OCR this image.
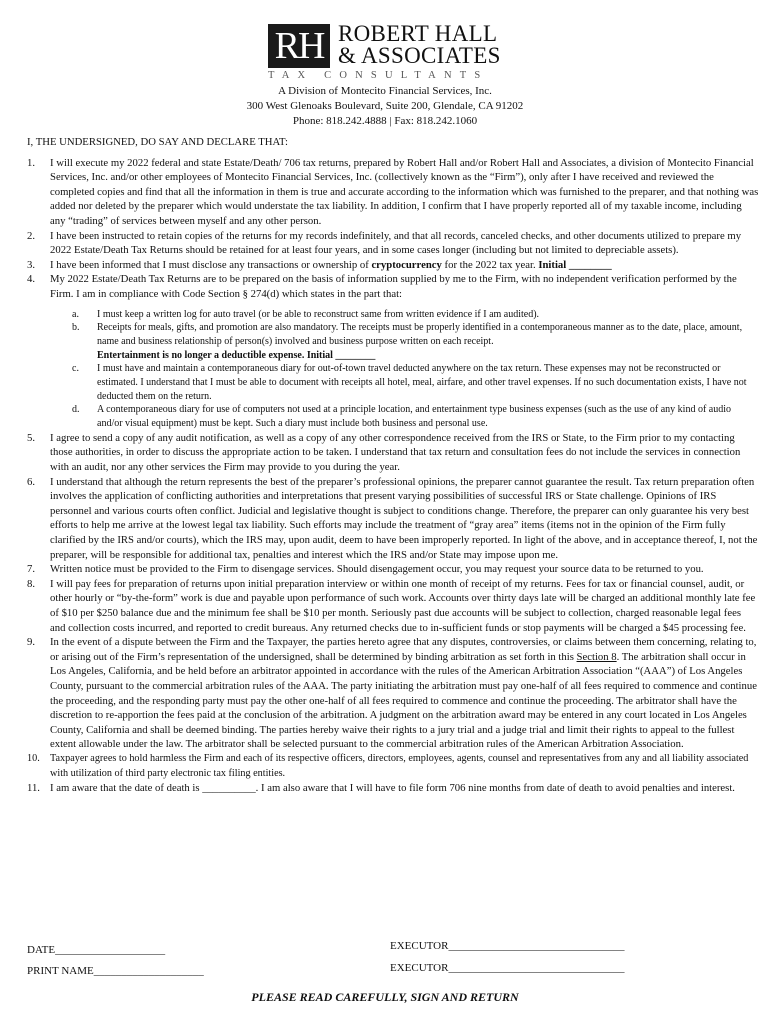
RH ROBERT HALL
& ASSOCIATES
TAX CONSULTANTS
A Division of Montecito Financial Services, Inc.
300 West Glenoaks Boulevard, Suite 200, Glendale, CA 91202
Phone: 818.242.4888 | Fax: 818.242.1060
I, THE UNDERSIGNED, DO SAY AND DECLARE THAT:
1.	I will execute my 2022 federal and state Estate/Death/ 706 tax returns, prepared by Robert Hall and/or Robert Hall and Associates, a division of Montecito Financial Services, Inc. and/or other employees of Montecito Financial Services, Inc. (collectively known as the “Firm”), only after I have received and reviewed the completed copies and find that all the information in them is true and accurate according to the information which was furnished to the preparer, and that nothing was added nor deleted by the preparer which would understate the tax liability. In addition, I confirm that I have properly reported all of my taxable income, including any “trading” of services between myself and any other person.
2.	I have been instructed to retain copies of the returns for my records indefinitely, and that all records, canceled checks, and other documents utilized to prepare my 2022 Estate/Death Tax Returns should be retained for at least four years, and in some cases longer (including but not limited to depreciable assets).
3.	I have been informed that I must disclose any transactions or ownership of cryptocurrency for the 2022 tax year. Initial ________
4.	My 2022 Estate/Death Tax Returns are to be prepared on the basis of information supplied by me to the Firm, with no independent verification performed by the Firm. I am in compliance with Code Section § 274(d) which states in the part that:
a. I must keep a written log for auto travel (or be able to reconstruct same from written evidence if I am audited).
b. Receipts for meals, gifts, and promotion are also mandatory. The receipts must be properly identified in a contemporaneous manner as to the date, place, amount, name and business relationship of person(s) involved and business purpose written on each receipt.
Entertainment is no longer a deductible expense. Initial ________
c. I must have and maintain a contemporaneous diary for out-of-town travel deducted anywhere on the tax return. These expenses may not be reconstructed or estimated. I understand that I must be able to document with receipts all hotel, meal, airfare, and other travel expenses. If no such documentation exists, I have not deducted them on the return.
d. A contemporaneous diary for use of computers not used at a principle location, and entertainment type business expenses (such as the use of any kind of audio and/or visual equipment) must be kept. Such a diary must include both business and personal use.
5.	I agree to send a copy of any audit notification, as well as a copy of any other correspondence received from the IRS or State, to the Firm prior to my contacting those authorities, in order to discuss the appropriate action to be taken. I understand that tax return and consultation fees do not include the services in connection with an audit, nor any other services the Firm may provide to you during the year.
6.	I understand that although the return represents the best of the preparer’s professional opinions, the preparer cannot guarantee the result. Tax return preparation often involves the application of conflicting authorities and interpretations that present varying possibilities of successful IRS or State challenge. Opinions of IRS personnel and various courts often conflict. Judicial and legislative thought is subject to conditions change. Therefore, the preparer can only guarantee his very best efforts to help me arrive at the lowest legal tax liability. Such efforts may include the treatment of “gray area” items (items not in the opinion of the Firm fully clarified by the IRS and/or courts), which the IRS may, upon audit, deem to have been improperly reported. In light of the above, and in acceptance thereof, I, not the preparer, will be responsible for additional tax, penalties and interest which the IRS and/or State may impose upon me.
7.	Written notice must be provided to the Firm to disengage services. Should disengagement occur, you may request your source data to be returned to you.
8.	I will pay fees for preparation of returns upon initial preparation interview or within one month of receipt of my returns. Fees for tax or financial counsel, audit, or other hourly or “by-the-form” work is due and payable upon performance of such work. Accounts over thirty days late will be charged an additional monthly late fee of $10 per $250 balance due and the minimum fee shall be $10 per month. Seriously past due accounts will be subject to collection, charged reasonable legal fees and collection costs incurred, and reported to credit bureaus. Any returned checks due to in-sufficient funds or stop payments will be charged a $45 processing fee.
9.	In the event of a dispute between the Firm and the Taxpayer, the parties hereto agree that any disputes, controversies, or claims between them concerning, relating to, or arising out of the Firm’s representation of the undersigned, shall be determined by binding arbitration as set forth in this Section 8. The arbitration shall occur in Los Angeles, California, and be held before an arbitrator appointed in accordance with the rules of the American Arbitration Association “(AAA”) of Los Angeles County, pursuant to the commercial arbitration rules of the AAA. The party initiating the arbitration must pay one-half of all fees required to commence and continue the proceeding, and the responding party must pay the other one-half of all fees required to commence and continue the proceeding. The arbitrator shall have the discretion to re-apportion the fees paid at the conclusion of the arbitration. A judgment on the arbitration award may be entered in any court located in Los Angeles County, California and shall be deemed binding. The parties hereby waive their rights to a jury trial and a judge trial and limit their rights to appeal to the fullest extent allowable under the law. The arbitrator shall be selected pursuant to the commercial arbitration rules of the American Arbitration Association.
10.	Taxpayer agrees to hold harmless the Firm and each of its respective officers, directors, employees, agents, counsel and representatives from any and all liability associated with utilization of third party electronic tax filing entities.
11. I am aware that the date of death is __________. I am also aware that I will have to file form 706 nine months from date of death to avoid penalties and interest.
DATE____________________	EXECUTOR________________________________
PRINT NAME____________________	EXECUTOR________________________________
PLEASE READ CAREFULLY, SIGN AND RETURN
